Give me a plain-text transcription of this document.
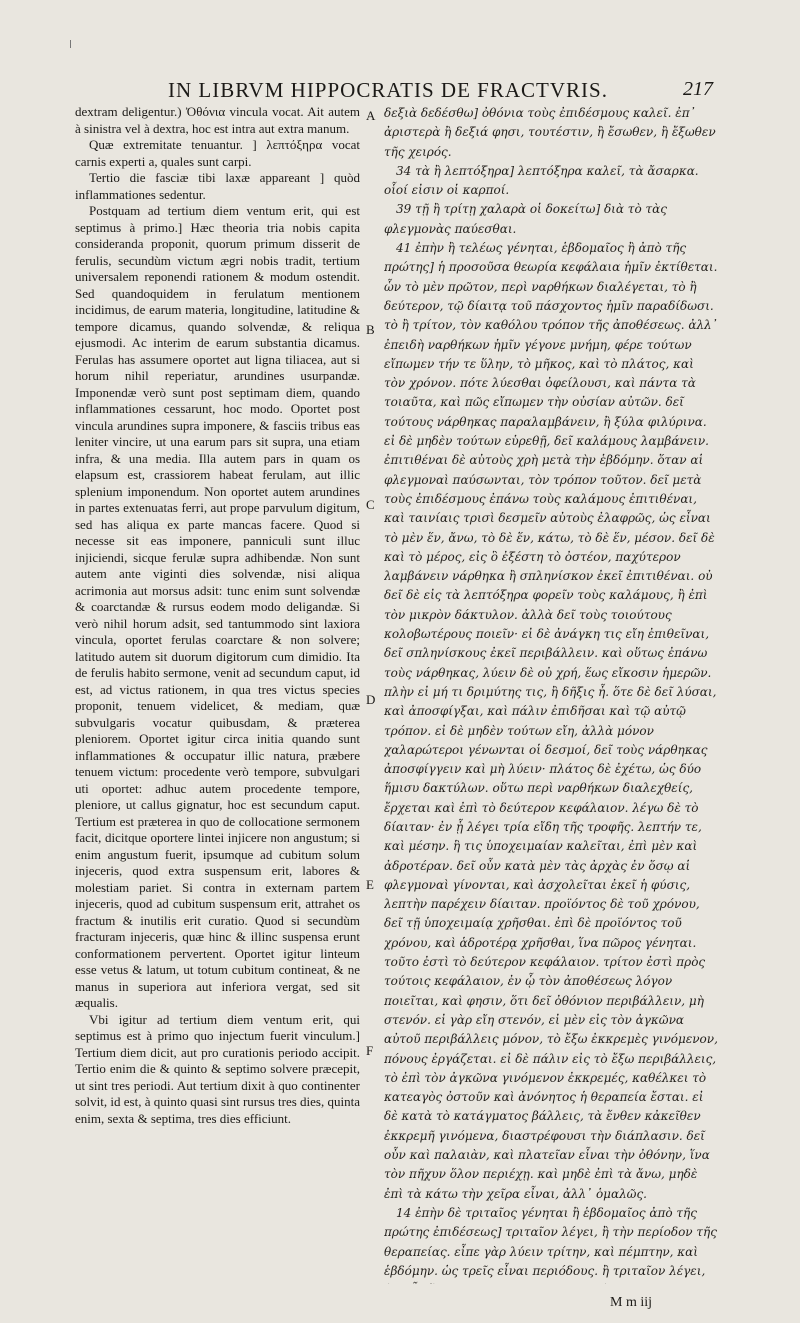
IN LIBRVM HIPPOCRATIS DE FRACTVRIS.	217

dextram deligentur.) Ὀθόνια vincula vocat. Ait autem à sinistra vel à dextra, hoc est intra aut extra manum.

Quæ extremitate tenuantur. ] λεπτόξηρα vocat carnis experti a, quales sunt carpi.

Tertio die fasciæ tibi laxæ appareant ] quòd inflammationes sedentur.

Postquam ad tertium diem ventum erit, qui est septimus à primo.] Hæc theoria tria nobis capita considerandа proponit, quorum primum disserit de ferulis, secundùm victum ægri nobis tradit, tertium universalem reponendi rationem & modum ostendit. Sed quandoquidem in ferulatum mentionem incidimus, de earum materia, longitudine, latitudine & tempore dicamus, quando solvendæ, & reliqua ejusmodi. Ac interim de earum substantia dicamus. Ferulas has assumere oportet aut ligna tiliacea, aut si horum nihil reperiatur, arundines usurpandæ. Imponendæ verò sunt post septimam diem, quando inflammationes cessarunt, hoc modo. Oportet post vincula arundines supra imponere, & fasciis tribus eas leniter vincire, ut una earum pars sit supra, una etiam infra, & una media. Illa autem pars in quam os elapsum est, crassiorem habeat ferulam, aut illic splenium imponendum. Non oportet autem arundines in partes extenuatas ferri, aut prope parvulum digitum, sed has aliqua ex parte mancas facere. Quod si necesse sit eas imponere, panniculi sunt illuc injiciendi, sicque ferulæ supra adhibendæ. Non sunt autem ante viginti dies solvendæ, nisi aliqua acrimonia aut morsus adsit: tunc enim sunt solvendæ & coarctandæ & rursus eodem modo deligandæ. Si verò nihil horum adsit, sed tantummodo sint laxiora vincula, oportet ferulas coarctare & non solvere; latitudo autem sit duorum digitorum cum dimidio. Ita de ferulis habito sermone, venit ad secundum caput, id est, ad victus rationem, in qua tres victus species proponit, tenuem videlicet, & mediam, quæ subvulgaris vocatur quibusdam, & præterea pleniorem. Oportet igitur circa initia quando sunt inflammationes & occupatur illic natura, præbere tenuem victum: procedente verò tempore, subvulgari uti oportet: adhuc autem procedente tempore, pleniore, ut callus gignatur, hoc est secundum caput. Tertium est præterea in quo de collocatione sermonem facit, dicitque oportere lintei injicere non angustum; si enim angustum fuerit, ipsumque ad cubitum solum injeceris, quod extra suspensum erit, labores & molestiam pariet. Si contra in externam partem injeceris, quod ad cubitum suspensum erit, attrahet os fractum & inutilis erit curatio. Quod si secundùm fracturam injeceris, quæ hinc & illinc suspensa erunt conformationem pervertent. Oportet igitur linteum esse vetus & latum, ut totum cubitum contineat, & ne manus in superiora aut inferiora vergat, sed sit æqualis.

Vbi igitur ad tertium diem ventum erit, qui septimus est à primo quo injectum fuerit vinculum.] Tertium diem dicit, aut pro curationis periodo accipit. Tertio enim die & quinto & septimo solvere præcepit, ut sint tres periodi. Aut tertium dixit à quo continenter solvit, id est, à quinto quasi sint rursus tres dies, quinta enim, sexta & septima, tres dies efficiunt.

A
B
C
D
E
F

δεξιὰ δεδέσθω] ὀθόνια τοὺς ἐπιδέσμους καλεῖ. ἐπ᾽ ἀριστερὰ ἢ δεξιά φησι, τουτέστιν, ἢ ἔσωθεν, ἢ ἔξωθεν τῆς χειρός.

34 τὰ ἢ λεπτόξηρα] λεπτόξηρα καλεῖ, τὰ ἄσαρκα. οἷοί εἰσιν οἱ καρποί.

39 τῇ ἢ τρίτῃ χαλαρὰ οἱ δοκείτω] διὰ τὸ τὰς φλεγμονὰς παύεσθαι.

41 ἐπὴν ἢ τελέως γένηται, ἑβδομαῖος ἢ ἀπὸ τῆς πρώτης] ἡ προσοῦσα θεωρία κεφάλαια ἡμῖν ἐκτίθεται. ὧν τὸ μὲν πρῶτον, περὶ ναρθήκων διαλέγεται, τὸ ἢ δεύτερον, τῷ δίαιτᾳ τοῦ πάσχοντος ἡμῖν παραδίδωσι. τὸ ἢ τρίτον, τὸν καθόλου τρόπον τῆς ἀποθέσεως. ἀλλ᾽ ἐπειδὴ ναρθήκων ἡμῖν γέγονε μνήμη, φέρε τούτων εἴπωμεν τήν τε ὕλην, τὸ μῆκος, καὶ τὸ πλάτος, καὶ τὸν χρόνον. πότε λύεσθαι ὀφείλουσι, καὶ πάντα τὰ τοιαῦτα, καὶ πῶς εἴπωμεν τὴν οὐσίαν αὐτῶν. δεῖ τούτους νάρθηκας παραλαμβάνειν, ἢ ξύλα φιλύρινα. εἰ δὲ μηδὲν τούτων εὑρεθῇ, δεῖ καλάμους λαμβάνειν. ἐπιτιθέναι δὲ αὐτοὺς χρὴ μετὰ τὴν ἑβδόμην. ὅταν αἱ φλεγμοναὶ παύσωνται, τὸν τρόπον τοῦτον. δεῖ μετὰ τοὺς ἐπιδέσμους ἐπάνω τοὺς καλάμους ἐπιτιθέναι, καὶ ταινίαις τρισὶ δεσμεῖν αὐτοὺς ἐλαφρῶς, ὡς εἶναι τὸ μὲν ἕν, ἄνω, τὸ δὲ ἕν, κάτω, τὸ δὲ ἕν, μέσον. δεῖ δὲ καὶ τὸ μέρος, εἰς ὃ ἐξέστη τὸ ὀστέον, παχύτερον λαμβάνειν νάρθηκα ἢ σπληνίσκον ἐκεῖ ἐπιτιθέναι. οὐ δεῖ δὲ εἰς τὰ λεπτόξηρα φορεῖν τοὺς καλάμους, ἢ ἐπὶ τὸν μικρὸν δάκτυλον. ἀλλὰ δεῖ τοὺς τοιούτους κολοβωτέρους ποιεῖν· εἰ δὲ ἀνάγκη τις εἴη ἐπιθεῖναι, δεῖ σπληνίσκους ἐκεῖ περιβάλλειν. καὶ οὕτως ἐπάνω τοὺς νάρθηκας, λύειν δὲ οὐ χρή, ἕως εἴκοσιν ἡμερῶν. πλὴν εἰ μή τι δριμύτης τις, ἢ δῆξις ἦ. ὅτε δὲ δεῖ λύσαι, καὶ ἀποσφίγξαι, καὶ πάλιν ἐπιδῆσαι καὶ τῷ αὐτῷ τρόπον. εἰ δὲ μηδὲν τούτων εἴη, ἀλλὰ μόνον χαλαρώτεροι γένωνται οἱ δεσμοί, δεῖ τοὺς νάρθηκας ἀποσφίγγειν καὶ μὴ λύειν· πλάτος δὲ ἐχέτω, ὡς δύο ἥμισυ δακτύλων. οὕτω περὶ ναρθήκων διαλεχθείς, ἔρχεται καὶ ἐπὶ τὸ δεύτερον κεφάλαιον. λέγω δὲ τὸ δίαιταν· ἐν ᾗ λέγει τρία εἴδη τῆς τροφῆς. λεπτήν τε, καὶ μέσην. ἣ τις ὑποχειμαίαν καλεῖται, ἐπὶ μὲν καὶ ἀδροτέραν. δεῖ οὖν κατὰ μὲν τὰς ἀρχὰς ἐν ὅσῳ αἱ φλεγμοναὶ γίνονται, καὶ ἀσχολεῖται ἐκεῖ ἡ φύσις, λεπτὴν παρέχειν δίαιταν. προϊόντος δὲ τοῦ χρόνου, δεῖ τῇ ὑποχειμαίᾳ χρῆσθαι. ἐπὶ δὲ προϊόντος τοῦ χρόνου, καὶ ἁδροτέρᾳ χρῆσθαι, ἵνα πῶρος γένηται. τοῦτο ἐστὶ τὸ δεύτερον κεφάλαιον. τρίτον ἐστὶ πρὸς τούτοις κεφάλαιον, ἐν ᾧ τὸν ἀποθέσεως λόγον ποιεῖται, καὶ φησιν, ὅτι δεῖ ὀθόνιον περιβάλλειν, μὴ στενόν. εἰ γὰρ εἴη στενόν, εἰ μὲν εἰς τὸν ἀγκῶνα αὐτοῦ περιβάλλεις μόνον, τὸ ἔξω ἐκκρεμὲς γινόμενον, πόνους ἐργάζεται. εἰ δὲ πάλιν εἰς τὸ ἔξω περιβάλλεις, τὸ ἐπὶ τὸν ἀγκῶνα γινόμενον ἐκκρεμές, καθέλκει τὸ κατεαγὸς ὀστοῦν καὶ ἀνόνητος ἡ θεραπεία ἔσται. εἰ δὲ κατὰ τὸ κατάγματος βάλλεις, τὰ ἔνθεν κἀκεῖθεν ἐκκρεμῆ γινόμενα, διαστρέφουσι τὴν διάπλασιν. δεῖ οὖν καὶ παλαιὰν, καὶ πλατεῖαν εἶναι τὴν ὀθόνην, ἵνα τὸν πῆχυν ὅλον περιέχῃ. καὶ μηδὲ ἐπὶ τὰ ἄνω, μηδὲ ἐπὶ τὰ κάτω τὴν χεῖρα εἶναι, ἀλλ᾽ ὁμαλῶς.

14 ἐπὴν δὲ τριταῖος γένηται ἢ ἑβδομαῖος ἀπὸ τῆς πρώτης ἐπιδέσεως] τριταῖον λέγει, ἢ τὴν περίοδον τῆς θεραπείας. εἶπε γὰρ λύειν τρίτην, καὶ πέμπτην, καὶ ἑβδόμην. ὡς τρεῖς εἶναι περιόδους. ἢ τριταῖον λέγει,

M m iij
